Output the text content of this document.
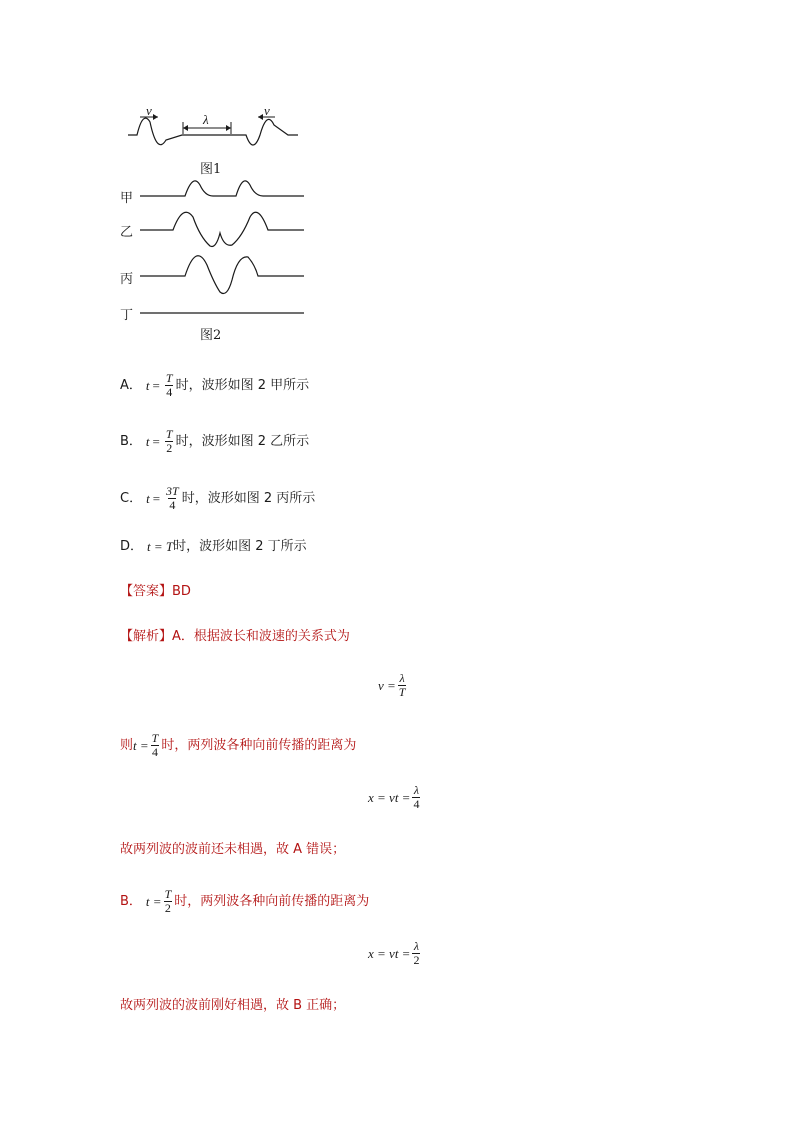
v	v
λ
图1
甲
乙
丙
丁
图2
A． $t = \frac{T}{4}$ 时，波形如图 2 甲所示
B． $t = \frac{T}{2}$ 时，波形如图 2 乙所示
C． $t = \frac{3T}{4}$ 时，波形如图 2 丙所示
D． t = T 时，波形如图 2 丁所示
【答案】 BD
【解析】 A．根据波长和波速的关系式为
$v = \frac{\lambda}{T}$
则 $t = \frac{T}{4}$ 时，两列波各种向前传播的距离为
x = vt = $\frac{\lambda}{4}$
故两列波的波前还未相遇，故 A 错误；
B． $t = \frac{T}{2}$ 时，两列波各种向前传播的距离为
x = vt = $\frac{\lambda}{2}$
故两列波的波前刚好相遇，故 B 正确；
